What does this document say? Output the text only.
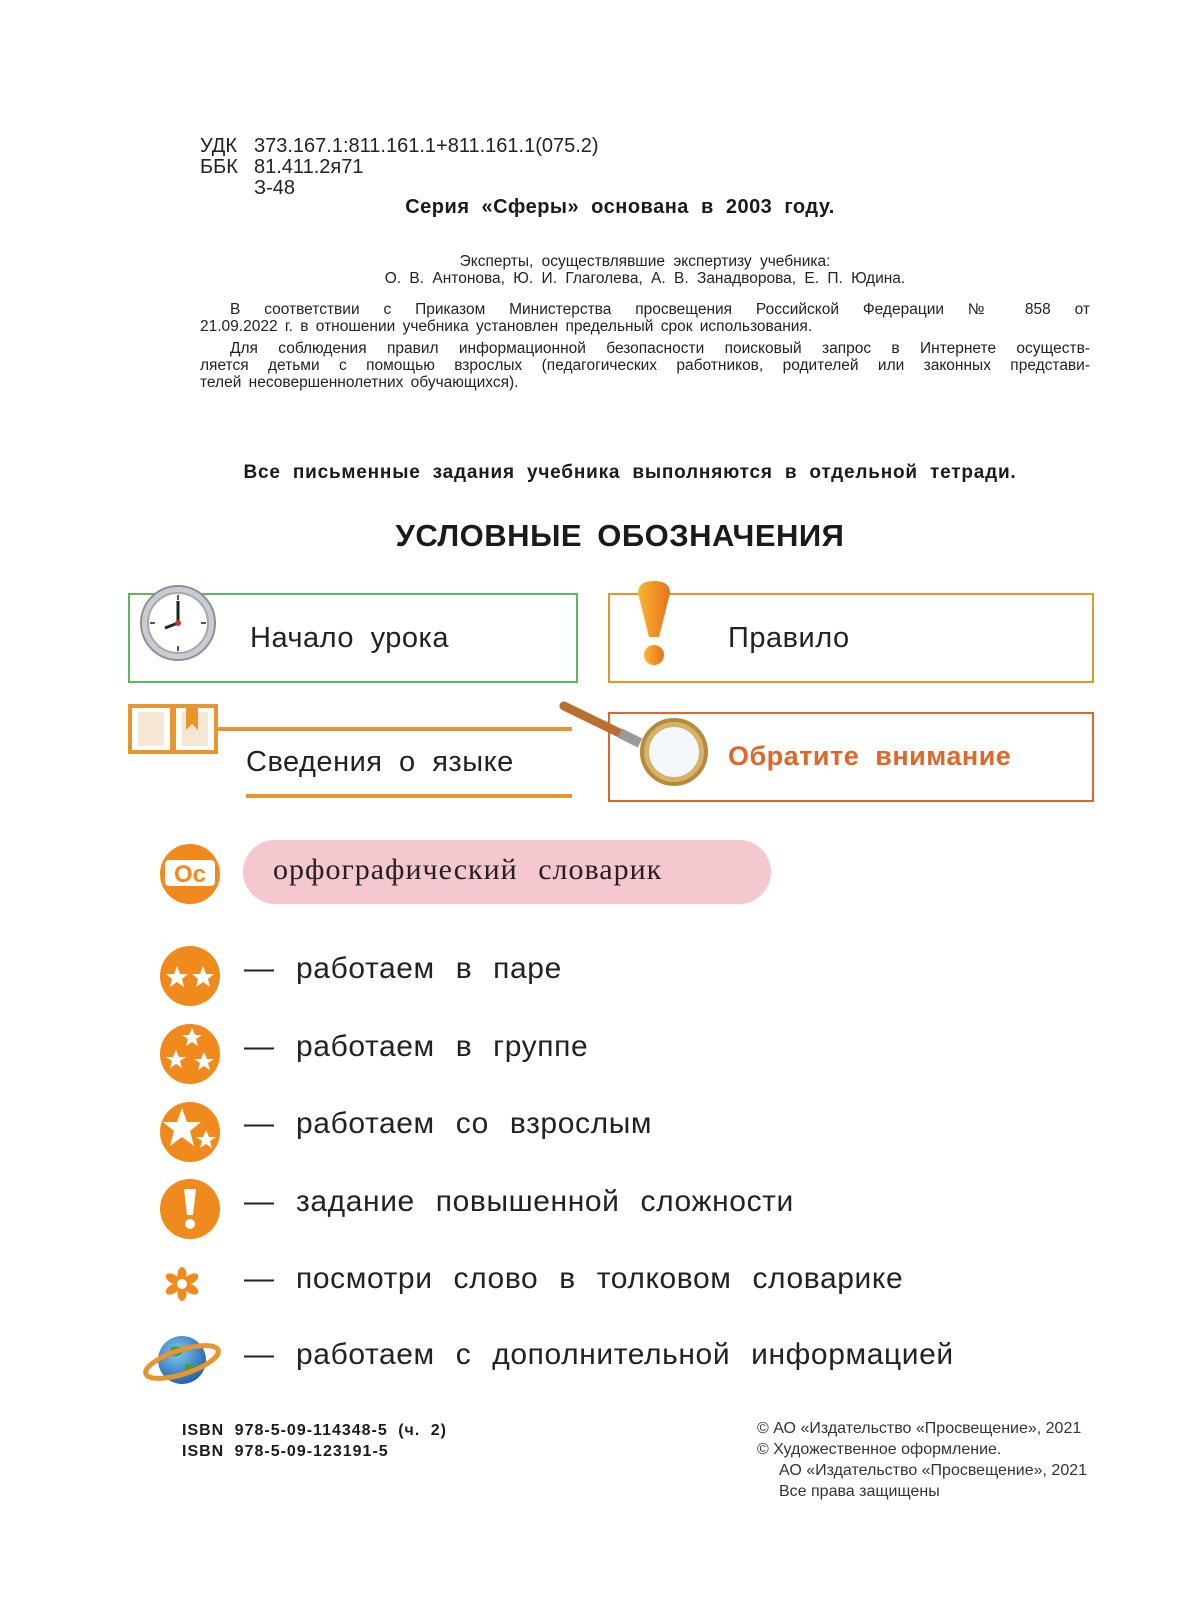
УДК 373.167.1:811.161.1+811.161.1(075.2)
ББК 81.411.2я71
З-48
Серия «Сферы» основана в 2003 году.
Эксперты, осуществлявшие экспертизу учебника:
О. В. Антонова, Ю. И. Глаголева, А. В. Занадворова, Е. П. Юдина.
В соответствии с Приказом Министерства просвещения Российской Федерации № 858 от
21.09.2022 г. в отношении учебника установлен предельный срок использования.
Для соблюдения правил информационной безопасности поисковый запрос в Интернете осуществ-
ляется детьми с помощью взрослых (педагогических работников, родителей или законных представи-
телей несовершеннолетних обучающихся).
Все письменные задания учебника выполняются в отдельной тетради.
УСЛОВНЫЕ ОБОЗНАЧЕНИЯ
Начало урока	Правило
Сведения о языке	Обратите внимание
Ос орфографический словарик
— работаем в паре
— работаем в группе
— работаем со взрослым
— задание повышенной сложности
— посмотри слово в толковом словарике
— работаем с дополнительной информацией
ISBN 978-5-09-114348-5 (ч. 2)
ISBN 978-5-09-123191-5
© АО «Издательство «Просвещение», 2021
© Художественное оформление.
АО «Издательство «Просвещение», 2021
Все права защищены
